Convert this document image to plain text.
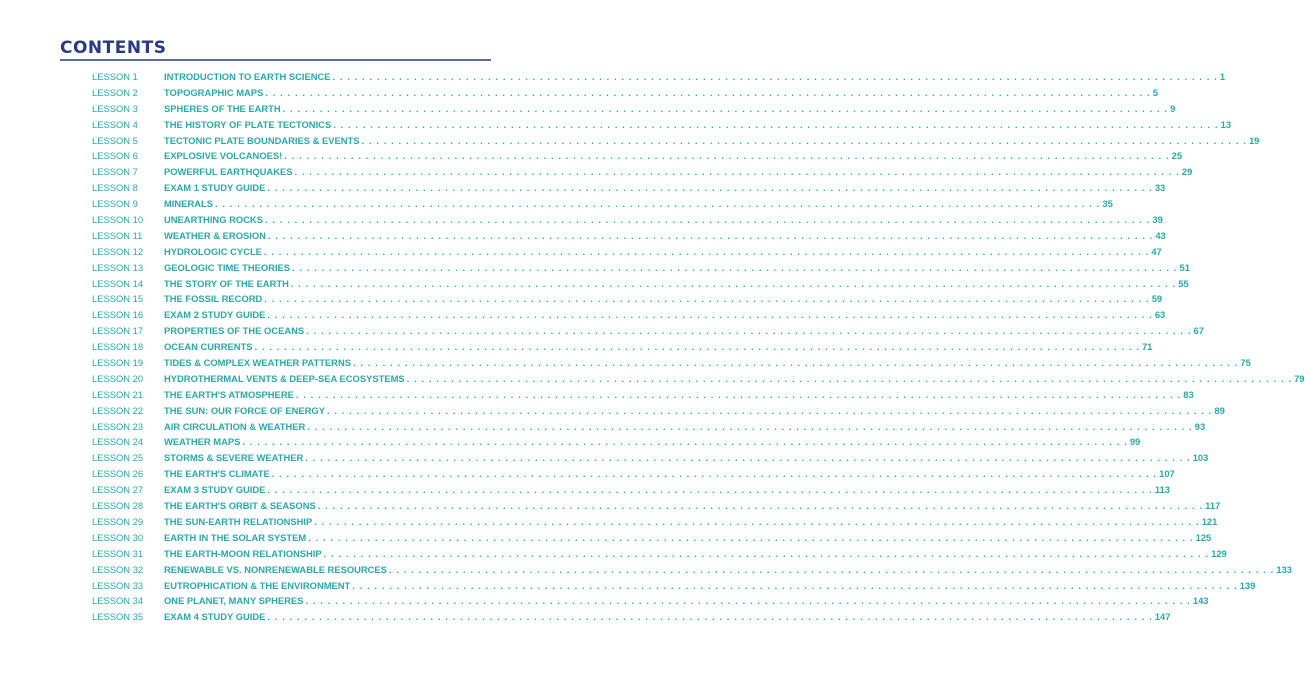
CONTENTS
LESSON 1	INTRODUCTION TO EARTH SCIENCE . . . . . . . . . . . . . . . . . . . . . . . . . . . . . . . . . . . . . . . . . . . . . . . . . . . . . . . . . . . . . . . . . . . . . . . . . . . . . . . . . . . . . . . . . . . . . . . . . . . . . . . . . . . . . . . . . . . . . . . . 1
LESSON 2	TOPOGRAPHIC MAPS . . . . . . . . . . . . . . . . . . . . . . . . . . . . . . . . . . . . . . . . . . . . . . . . . . . . . . . . . . . . . . . . . . . . . . . . . . . . . . . . . . . . . . . . . . . . . . . . . . . . . . . . . . . . . . . . . . . . . . . . 5
LESSON 3	SPHERES OF THE EARTH . . . . . . . . . . . . . . . . . . . . . . . . . . . . . . . . . . . . . . . . . . . . . . . . . . . . . . . . . . . . . . . . . . . . . . . . . . . . . . . . . . . . . . . . . . . . . . . . . . . . . . . . . . . . . . . . . . . . . . . . 9
LESSON 4	THE HISTORY OF PLATE TECTONICS . . . . . . . . . . . . . . . . . . . . . . . . . . . . . . . . . . . . . . . . . . . . . . . . . . . . . . . . . . . . . . . . . . . . . . . . . . . . . . . . . . . . . . . . . . . . . . . . . . . . . . . . . . . . . . . . . . . . . . . . 13
LESSON 5	TECTONIC PLATE BOUNDARIES & EVENTS . . . . . . . . . . . . . . . . . . . . . . . . . . . . . . . . . . . . . . . . . . . . . . . . . . . . . . . . . . . . . . . . . . . . . . . . . . . . . . . . . . . . . . . . . . . . . . . . . . . . . . . . . . . . . . . . . . . . . . . . 19
LESSON 6	EXPLOSIVE VOLCANOES! . . . . . . . . . . . . . . . . . . . . . . . . . . . . . . . . . . . . . . . . . . . . . . . . . . . . . . . . . . . . . . . . . . . . . . . . . . . . . . . . . . . . . . . . . . . . . . . . . . . . . . . . . . . . . . . . . . . . . . . . 25
LESSON 7	POWERFUL EARTHQUAKES . . . . . . . . . . . . . . . . . . . . . . . . . . . . . . . . . . . . . . . . . . . . . . . . . . . . . . . . . . . . . . . . . . . . . . . . . . . . . . . . . . . . . . . . . . . . . . . . . . . . . . . . . . . . . . . . . . . . . . . . 29
LESSON 8	EXAM 1 STUDY GUIDE . . . . . . . . . . . . . . . . . . . . . . . . . . . . . . . . . . . . . . . . . . . . . . . . . . . . . . . . . . . . . . . . . . . . . . . . . . . . . . . . . . . . . . . . . . . . . . . . . . . . . . . . . . . . . . . . . . . . . . . . 33
LESSON 9	MINERALS . . . . . . . . . . . . . . . . . . . . . . . . . . . . . . . . . . . . . . . . . . . . . . . . . . . . . . . . . . . . . . . . . . . . . . . . . . . . . . . . . . . . . . . . . . . . . . . . . . . . . . . . . . . . . . . . . . . . . . . . 35
LESSON 10	UNEARTHING ROCKS . . . . . . . . . . . . . . . . . . . . . . . . . . . . . . . . . . . . . . . . . . . . . . . . . . . . . . . . . . . . . . . . . . . . . . . . . . . . . . . . . . . . . . . . . . . . . . . . . . . . . . . . . . . . . . . . . . . . . . . . 39
LESSON 11	WEATHER & EROSION . . . . . . . . . . . . . . . . . . . . . . . . . . . . . . . . . . . . . . . . . . . . . . . . . . . . . . . . . . . . . . . . . . . . . . . . . . . . . . . . . . . . . . . . . . . . . . . . . . . . . . . . . . . . . . . . . . . . . . . . 43
LESSON 12	HYDROLOGIC CYCLE . . . . . . . . . . . . . . . . . . . . . . . . . . . . . . . . . . . . . . . . . . . . . . . . . . . . . . . . . . . . . . . . . . . . . . . . . . . . . . . . . . . . . . . . . . . . . . . . . . . . . . . . . . . . . . . . . . . . . . . . 47
LESSON 13	GEOLOGIC TIME THEORIES . . . . . . . . . . . . . . . . . . . . . . . . . . . . . . . . . . . . . . . . . . . . . . . . . . . . . . . . . . . . . . . . . . . . . . . . . . . . . . . . . . . . . . . . . . . . . . . . . . . . . . . . . . . . . . . . . . . . . . . . 51
LESSON 14	THE STORY OF THE EARTH . . . . . . . . . . . . . . . . . . . . . . . . . . . . . . . . . . . . . . . . . . . . . . . . . . . . . . . . . . . . . . . . . . . . . . . . . . . . . . . . . . . . . . . . . . . . . . . . . . . . . . . . . . . . . . . . . . . . . . . . 55
LESSON 15	THE FOSSIL RECORD . . . . . . . . . . . . . . . . . . . . . . . . . . . . . . . . . . . . . . . . . . . . . . . . . . . . . . . . . . . . . . . . . . . . . . . . . . . . . . . . . . . . . . . . . . . . . . . . . . . . . . . . . . . . . . . . . . . . . . . . 59
LESSON 16	EXAM 2 STUDY GUIDE . . . . . . . . . . . . . . . . . . . . . . . . . . . . . . . . . . . . . . . . . . . . . . . . . . . . . . . . . . . . . . . . . . . . . . . . . . . . . . . . . . . . . . . . . . . . . . . . . . . . . . . . . . . . . . . . . . . . . . . . 63
LESSON 17	PROPERTIES OF THE OCEANS . . . . . . . . . . . . . . . . . . . . . . . . . . . . . . . . . . . . . . . . . . . . . . . . . . . . . . . . . . . . . . . . . . . . . . . . . . . . . . . . . . . . . . . . . . . . . . . . . . . . . . . . . . . . . . . . . . . . . . . . 67
LESSON 18	OCEAN CURRENTS . . . . . . . . . . . . . . . . . . . . . . . . . . . . . . . . . . . . . . . . . . . . . . . . . . . . . . . . . . . . . . . . . . . . . . . . . . . . . . . . . . . . . . . . . . . . . . . . . . . . . . . . . . . . . . . . . . . . . . . . 71
LESSON 19	TIDES & COMPLEX WEATHER PATTERNS . . . . . . . . . . . . . . . . . . . . . . . . . . . . . . . . . . . . . . . . . . . . . . . . . . . . . . . . . . . . . . . . . . . . . . . . . . . . . . . . . . . . . . . . . . . . . . . . . . . . . . . . . . . . . . . . . . . . . . . . 75
LESSON 20	HYDROTHERMAL VENTS & DEEP-SEA ECOSYSTEMS . . . . . . . . . . . . . . . . . . . . . . . . . . . . . . . . . . . . . . . . . . . . . . . . . . . . . . . . . . . . . . . . . . . . . . . . . . . . . . . . . . . . . . . . . . . . . . . . . . . . . . . . . . . . . . . . . . . . . . . . 79
LESSON 21	THE EARTH'S ATMOSPHERE . . . . . . . . . . . . . . . . . . . . . . . . . . . . . . . . . . . . . . . . . . . . . . . . . . . . . . . . . . . . . . . . . . . . . . . . . . . . . . . . . . . . . . . . . . . . . . . . . . . . . . . . . . . . . . . . . . . . . . . . 83
LESSON 22	THE SUN: OUR FORCE OF ENERGY . . . . . . . . . . . . . . . . . . . . . . . . . . . . . . . . . . . . . . . . . . . . . . . . . . . . . . . . . . . . . . . . . . . . . . . . . . . . . . . . . . . . . . . . . . . . . . . . . . . . . . . . . . . . . . . . . . . . . . . . 89
LESSON 23	AIR CIRCULATION & WEATHER . . . . . . . . . . . . . . . . . . . . . . . . . . . . . . . . . . . . . . . . . . . . . . . . . . . . . . . . . . . . . . . . . . . . . . . . . . . . . . . . . . . . . . . . . . . . . . . . . . . . . . . . . . . . . . . . . . . . . . . . 93
LESSON 24	WEATHER MAPS . . . . . . . . . . . . . . . . . . . . . . . . . . . . . . . . . . . . . . . . . . . . . . . . . . . . . . . . . . . . . . . . . . . . . . . . . . . . . . . . . . . . . . . . . . . . . . . . . . . . . . . . . . . . . . . . . . . . . . . . 99
LESSON 25	STORMS & SEVERE WEATHER . . . . . . . . . . . . . . . . . . . . . . . . . . . . . . . . . . . . . . . . . . . . . . . . . . . . . . . . . . . . . . . . . . . . . . . . . . . . . . . . . . . . . . . . . . . . . . . . . . . . . . . . . . . . . . . . . . . . . . . . 103
LESSON 26	THE EARTH'S CLIMATE . . . . . . . . . . . . . . . . . . . . . . . . . . . . . . . . . . . . . . . . . . . . . . . . . . . . . . . . . . . . . . . . . . . . . . . . . . . . . . . . . . . . . . . . . . . . . . . . . . . . . . . . . . . . . . . . . . . . . . . . 107
LESSON 27	EXAM 3 STUDY GUIDE . . . . . . . . . . . . . . . . . . . . . . . . . . . . . . . . . . . . . . . . . . . . . . . . . . . . . . . . . . . . . . . . . . . . . . . . . . . . . . . . . . . . . . . . . . . . . . . . . . . . . . . . . . . . . . . . . . . . . . . . 113
LESSON 28	THE EARTH'S ORBIT & SEASONS . . . . . . . . . . . . . . . . . . . . . . . . . . . . . . . . . . . . . . . . . . . . . . . . . . . . . . . . . . . . . . . . . . . . . . . . . . . . . . . . . . . . . . . . . . . . . . . . . . . . . . . . . . . . . . . . . . . . . . . . 117
LESSON 29	THE SUN-EARTH RELATIONSHIP . . . . . . . . . . . . . . . . . . . . . . . . . . . . . . . . . . . . . . . . . . . . . . . . . . . . . . . . . . . . . . . . . . . . . . . . . . . . . . . . . . . . . . . . . . . . . . . . . . . . . . . . . . . . . . . . . . . . . . . . 121
LESSON 30	EARTH IN THE SOLAR SYSTEM . . . . . . . . . . . . . . . . . . . . . . . . . . . . . . . . . . . . . . . . . . . . . . . . . . . . . . . . . . . . . . . . . . . . . . . . . . . . . . . . . . . . . . . . . . . . . . . . . . . . . . . . . . . . . . . . . . . . . . . . 125
LESSON 31	THE EARTH-MOON RELATIONSHIP . . . . . . . . . . . . . . . . . . . . . . . . . . . . . . . . . . . . . . . . . . . . . . . . . . . . . . . . . . . . . . . . . . . . . . . . . . . . . . . . . . . . . . . . . . . . . . . . . . . . . . . . . . . . . . . . . . . . . . . . 129
LESSON 32	RENEWABLE VS. NONRENEWABLE RESOURCES . . . . . . . . . . . . . . . . . . . . . . . . . . . . . . . . . . . . . . . . . . . . . . . . . . . . . . . . . . . . . . . . . . . . . . . . . . . . . . . . . . . . . . . . . . . . . . . . . . . . . . . . . . . . . . . . . . . . . . . . 133
LESSON 33	EUTROPHICATION & THE ENVIRONMENT . . . . . . . . . . . . . . . . . . . . . . . . . . . . . . . . . . . . . . . . . . . . . . . . . . . . . . . . . . . . . . . . . . . . . . . . . . . . . . . . . . . . . . . . . . . . . . . . . . . . . . . . . . . . . . . . . . . . . . . . 139
LESSON 34	ONE PLANET, MANY SPHERES . . . . . . . . . . . . . . . . . . . . . . . . . . . . . . . . . . . . . . . . . . . . . . . . . . . . . . . . . . . . . . . . . . . . . . . . . . . . . . . . . . . . . . . . . . . . . . . . . . . . . . . . . . . . . . . . . . . . . . . . 143
LESSON 35	EXAM 4 STUDY GUIDE . . . . . . . . . . . . . . . . . . . . . . . . . . . . . . . . . . . . . . . . . . . . . . . . . . . . . . . . . . . . . . . . . . . . . . . . . . . . . . . . . . . . . . . . . . . . . . . . . . . . . . . . . . . . . . . . . . . . . . . . 147
